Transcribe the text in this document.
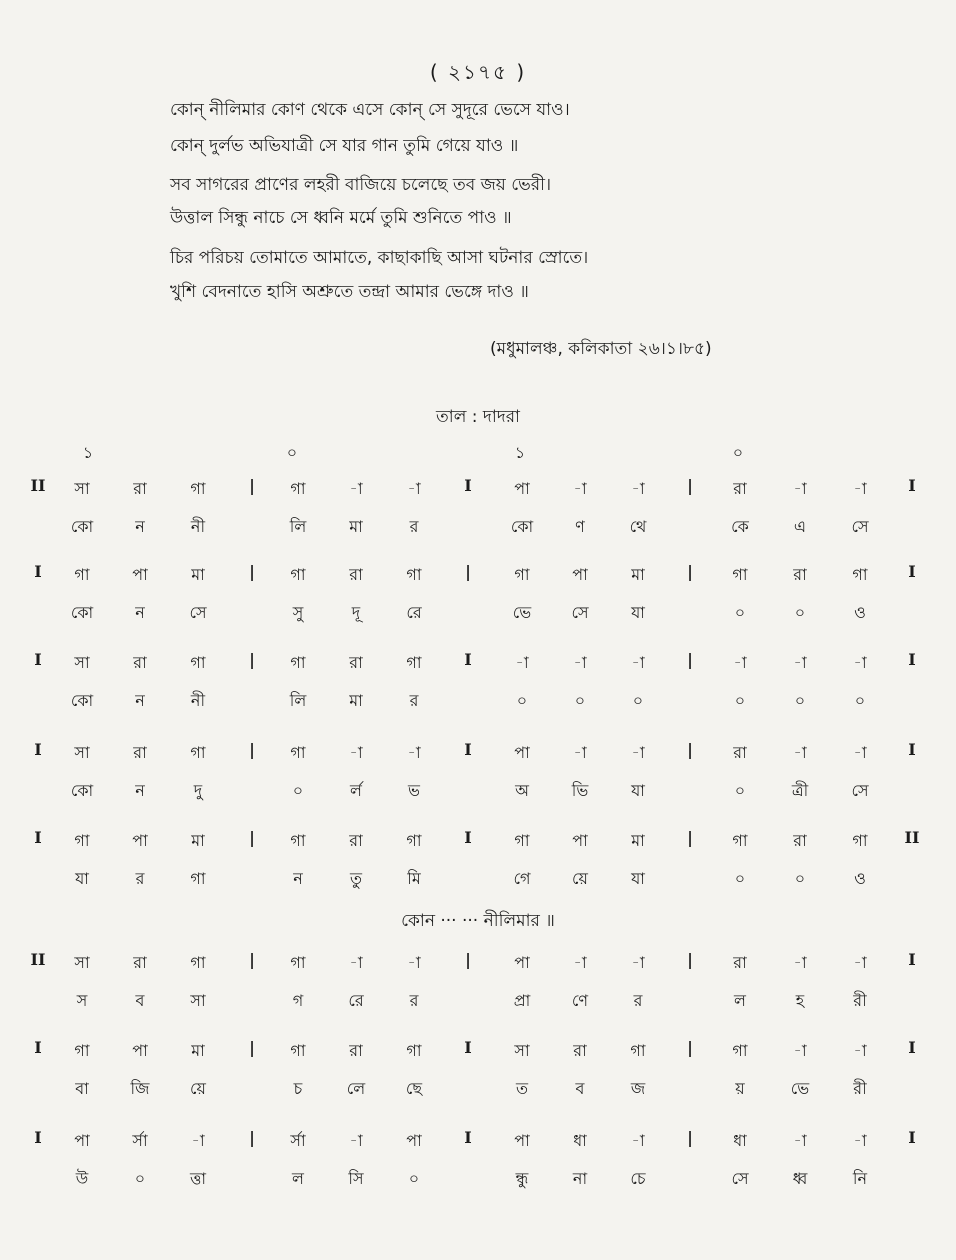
( ২১৭৫ )

কোন্ নীলিমার কোণ থেকে এসে কোন্ সে সুদূরে ভেসে যাও।

কোন্ দুর্লভ অভিযাত্রী সে যার গান তুমি গেয়ে যাও ॥

সব সাগরের প্রাণের লহরী বাজিয়ে চলেছে তব জয় ভেরী।

উত্তাল সিন্ধু নাচে সে ধ্বনি মর্মে তুমি শুনিতে পাও ॥

চির পরিচয় তোমাতে আমাতে, কাছাকাছি আসা ঘটনার স্রোতে।

খুশি বেদনাতে হাসি অশ্রুতে তন্দ্রা আমার ভেঙ্গে দাও ॥

(মধুমালঞ্চ, কলিকাতা ২৬।১।৮৫)
তাল : দাদরা
১	০	১	০
II সা	রা	গা	| গা	-া	-া	I	পা	-া	-া	|	রা	-া	-া	I
কো	ন	নী	লি	মা	র	কো	ণ	থে	কে	এ	সে
I গা	পা	মা	| গা	রা	গা	|	গা	পা	মা	| গা	রা	গা	I
কো	ন	সে	সু	দূ	রে	ভে	সে	যা	০	০	ও
I সা	রা	গা	| গা	রা	গা	I	-া	-া	-া	|	-া	-া	-া	I
কো	ন	নী	লি	মা	র	০	০	০	০	০	০
I সা	রা	গা	| গা	-া	-া	I	পা	-া	-া	|	রা	-া	-া	I
কো	ন	দু	০	র্ল	ভ	অ	ভি	যা	০	ত্রী	সে
I গা	পা	মা	| গা	রা	গা	I	গা	পা	মা	| গা	রা	গা II
যা	র	গা	ন	তু	মি	গে	য়ে	যা	০	০	ও
II সা	রা	গা	| গা	-া	-া	|	পা	-া	-া	|	রা	-া	-া	I
স	ব	সা	গ	রে	র	প্রা	ণে	র	ল	হ	রী
I গা	পা	মা	| গা	রা	গা	I	সা	রা	গা	| গা	-া	-া	I
বা	জি	য়ে	চ	লে	ছে	ত	ব	জ	য়	ভে	রী
I পা	র্সা	-া	| র্সা	-া	পা	I	পা	ধা	-া	|	ধা	-া	-া	I
উ	০	ত্তা	ল	সি	০	ন্ধু	না	চে	সে	ধ্ব	নি
কোন ··· ··· নীলিমার ॥
